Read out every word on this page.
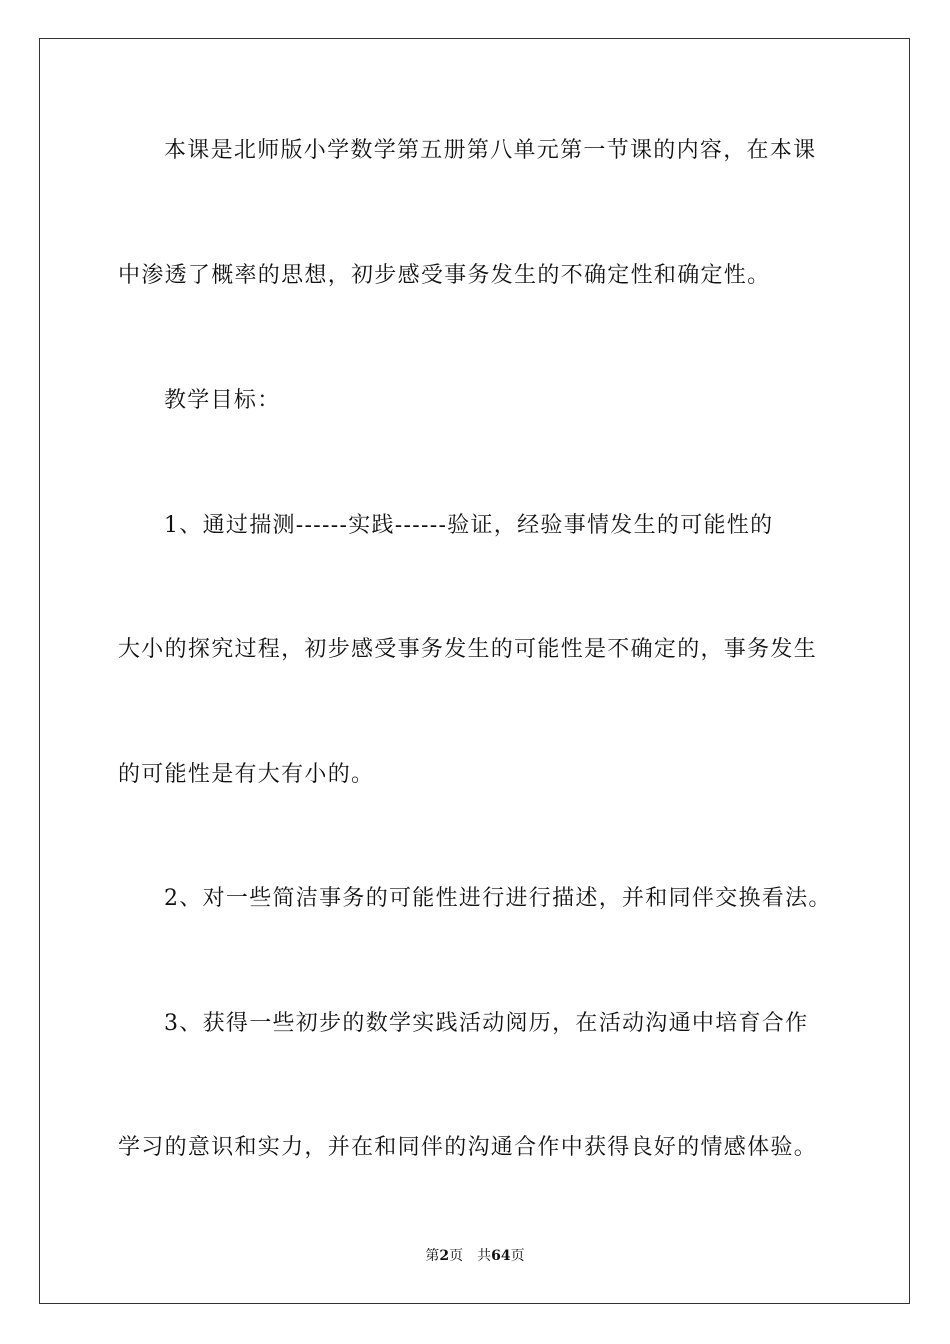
本课是北师版小学数学第五册第八单元第一节课的内容，在本课
中渗透了概率的思想，初步感受事务发生的不确定性和确定性。
教学目标：
1、通过揣测------实践------验证，经验事情发生的可能性的
大小的探究过程，初步感受事务发生的可能性是不确定的，事务发生
的可能性是有大有小的。
2、对一些简洁事务的可能性进行进行描述，并和同伴交换看法。
3、获得一些初步的数学实践活动阅历，在活动沟通中培育合作
学习的意识和实力，并在和同伴的沟通合作中获得良好的情感体验。
第2页 共64页
